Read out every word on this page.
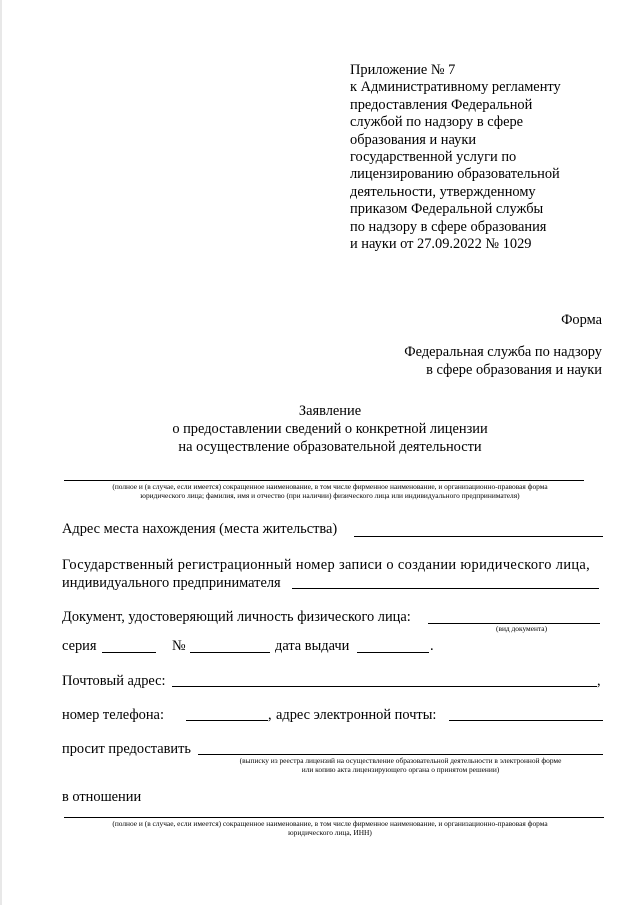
Приложение № 7
к Административному регламенту
предоставления Федеральной
службой по надзору в сфере
образования и науки
государственной услуги по
лицензированию образовательной
деятельности, утвержденному
приказом Федеральной службы
по надзору в сфере образования
и науки от 27.09.2022 № 1029
Форма
Федеральная служба по надзору
в сфере образования и науки
Заявление
о предоставлении сведений о конкретной лицензии
на осуществление образовательной деятельности
(полное и (в случае, если имеется) сокращенное наименование, в том числе фирменное наименование, и организационно-правовая форма
юридического лица; фамилия, имя и отчество (при наличии) физического лица или индивидуального предпринимателя)
Адрес места нахождения (места жительства)
Государственный регистрационный номер записи о создании юридического лица,
индивидуального предпринимателя
Документ, удостоверяющий личность физического лица:
(вид документа)
серия	№	дата выдачи	.
Почтовый адрес:	,
номер телефона:	, адрес электронной почты:
просит предоставить
(выписку из реестра лицензий на осуществление образовательной деятельности в электронной форме
или копию акта лицензирующего органа о принятом решении)
в отношении
(полное и (в случае, если имеется) сокращенное наименование, в том числе фирменное наименование, и организационно-правовая форма
юридического лица, ИНН)
